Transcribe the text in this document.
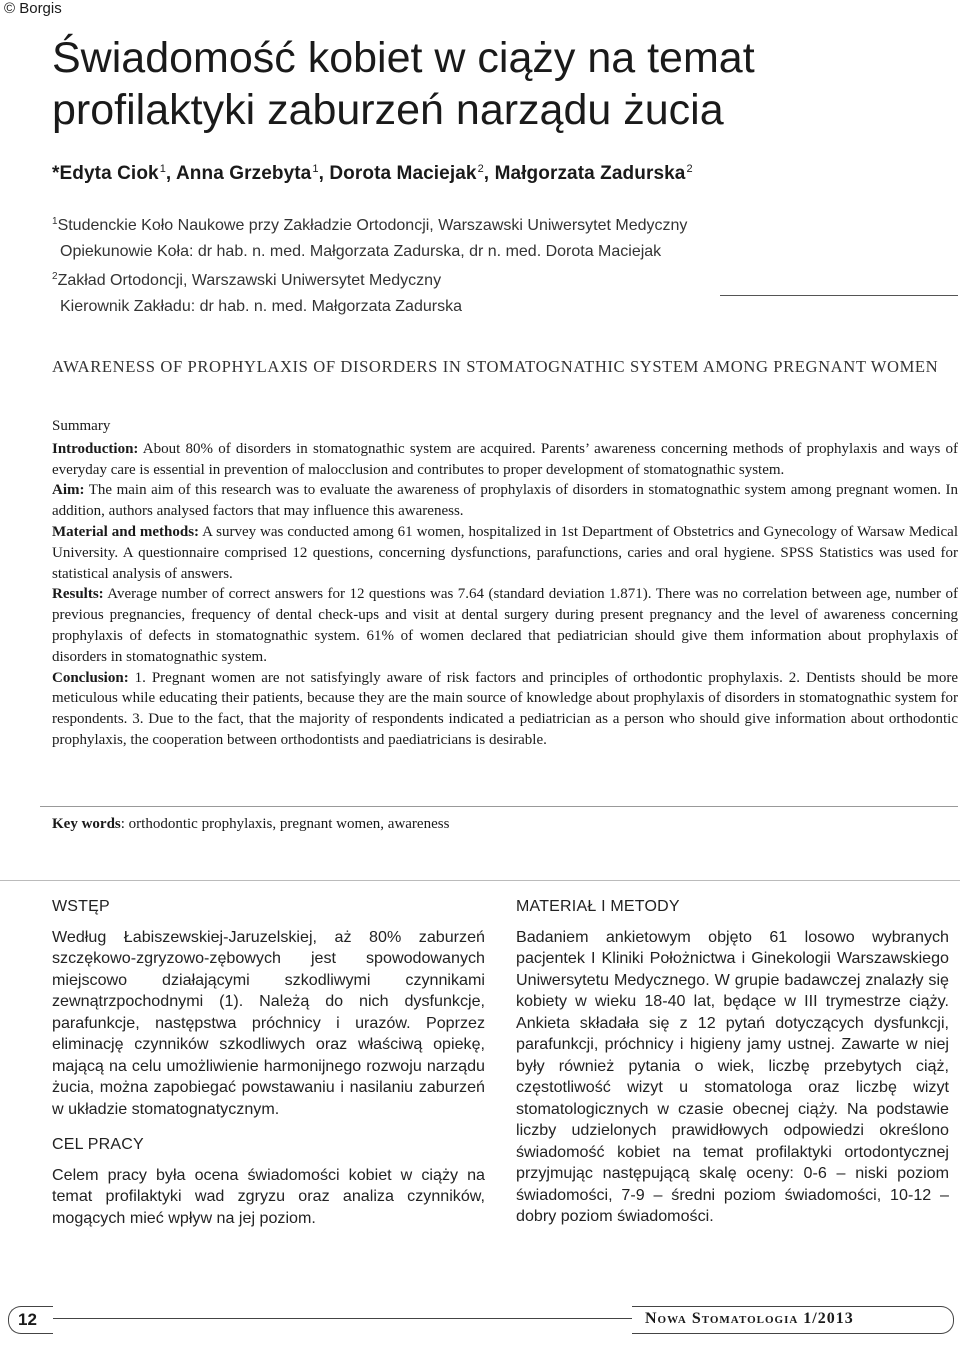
© Borgis
Świadomość kobiet w ciąży na temat
profilaktyki zaburzeń narządu żucia
*Edyta Ciok$^1$, Anna Grzebyta$^1$, Dorota Maciejak$^2$, Małgorzata Zadurska$^2$
$^1$Studenckie Koło Naukowe przy Zakładzie Ortodoncji, Warszawski Uniwersytet Medyczny
Opiekunowie Koła: dr hab. n. med. Małgorzata Zadurska, dr n. med. Dorota Maciejak
$^2$Zakład Ortodoncji, Warszawski Uniwersytet Medyczny
Kierownik Zakładu: dr hab. n. med. Małgorzata Zadurska
AWARENESS OF PROPHYLAXIS OF DISORDERS IN STOMATOGNATHIC SYSTEM AMONG PREGNANT WOMEN

Summary

Introduction: About 80% of disorders in stomatognathic system are acquired. Parents’ awareness concerning methods of prophylaxis and ways of everyday care is essential in prevention of malocclusion and contributes to proper development of stomatognathic system.

Aim: The main aim of this research was to evaluate the awareness of prophylaxis of disorders in stomatognathic system among pregnant women. In addition, authors analysed factors that may influence this awareness.

Material and methods: A survey was conducted among 61 women, hospitalized in 1st Department of Obstetrics and Gynecology of Warsaw Medical University. A questionnaire comprised 12 questions, concerning dysfunctions, parafunctions, caries and oral hygiene. SPSS Statistics was used for statistical analysis of answers.

Results: Average number of correct answers for 12 questions was 7.64 (standard deviation 1.871). There was no correlation between age, number of previous pregnancies, frequency of dental check-ups and visit at dental surgery during present pregnancy and the level of awareness concerning prophylaxis of defects in stomatognathic system. 61% of women declared that pediatrician should give them information about prophylaxis of disorders in stomatognathic system.

Conclusion: 1. Pregnant women are not satisfyingly aware of risk factors and principles of orthodontic prophylaxis. 2. Dentists should be more meticulous while educating their patients, because they are the main source of knowledge about prophylaxis of disorders in stomatognathic system for respondents. 3. Due to the fact, that the majority of respondents indicated a pediatrician as a person who should give information about orthodontic prophylaxis, the cooperation between orthodontists and paediatricians is desirable.

Key words: orthodontic prophylaxis, pregnant women, awareness
WSTĘP

Według Łabiszewskiej-Jaruzelskiej, aż 80% zaburzeń szczękowo-zgryzowo-zębowych jest spowodowanych miejscowo działającymi szkodliwymi czynnikami zewnątrzpochodnymi (1). Należą do nich dysfunkcje, parafunkcje, następstwa próchnicy i urazów. Poprzez eliminację czynników szkodliwych oraz właściwą opiekę, mającą na celu umożliwienie harmonijnego rozwoju narządu żucia, można zapobiegać powstawaniu i nasilaniu zaburzeń w układzie stomatognatycznym.

CEL PRACY

Celem pracy była ocena świadomości kobiet w ciąży na temat profilaktyki wad zgryzu oraz analiza czynników, mogących mieć wpływ na jej poziom.

MATERIAŁ I METODY

Badaniem ankietowym objęto 61 losowo wybranych pacjentek I Kliniki Położnictwa i Ginekologii Warszawskiego Uniwersytetu Medycznego. W grupie badawczej znalazły się kobiety w wieku 18-40 lat, będące w III trymestrze ciąży. Ankieta składała się z 12 pytań dotyczących dysfunkcji, parafunkcji, próchnicy i higieny jamy ustnej. Zawarte w niej były również pytania o wiek, liczbę przebytych ciąż, częstotliwość wizyt u stomatologa oraz liczbę wizyt stomatologicznych w czasie obecnej ciąży. Na podstawie liczby udzielonych prawidłowych odpowiedzi określono świadomość kobiet na temat profilaktyki ortodontycznej przyjmując następującą skalę oceny: 0-6 – niski poziom świadomości, 7-9 – średni poziom świadomości, 10-12 – dobry poziom świadomości.

12	Nowa Stomatologia 1/2013
